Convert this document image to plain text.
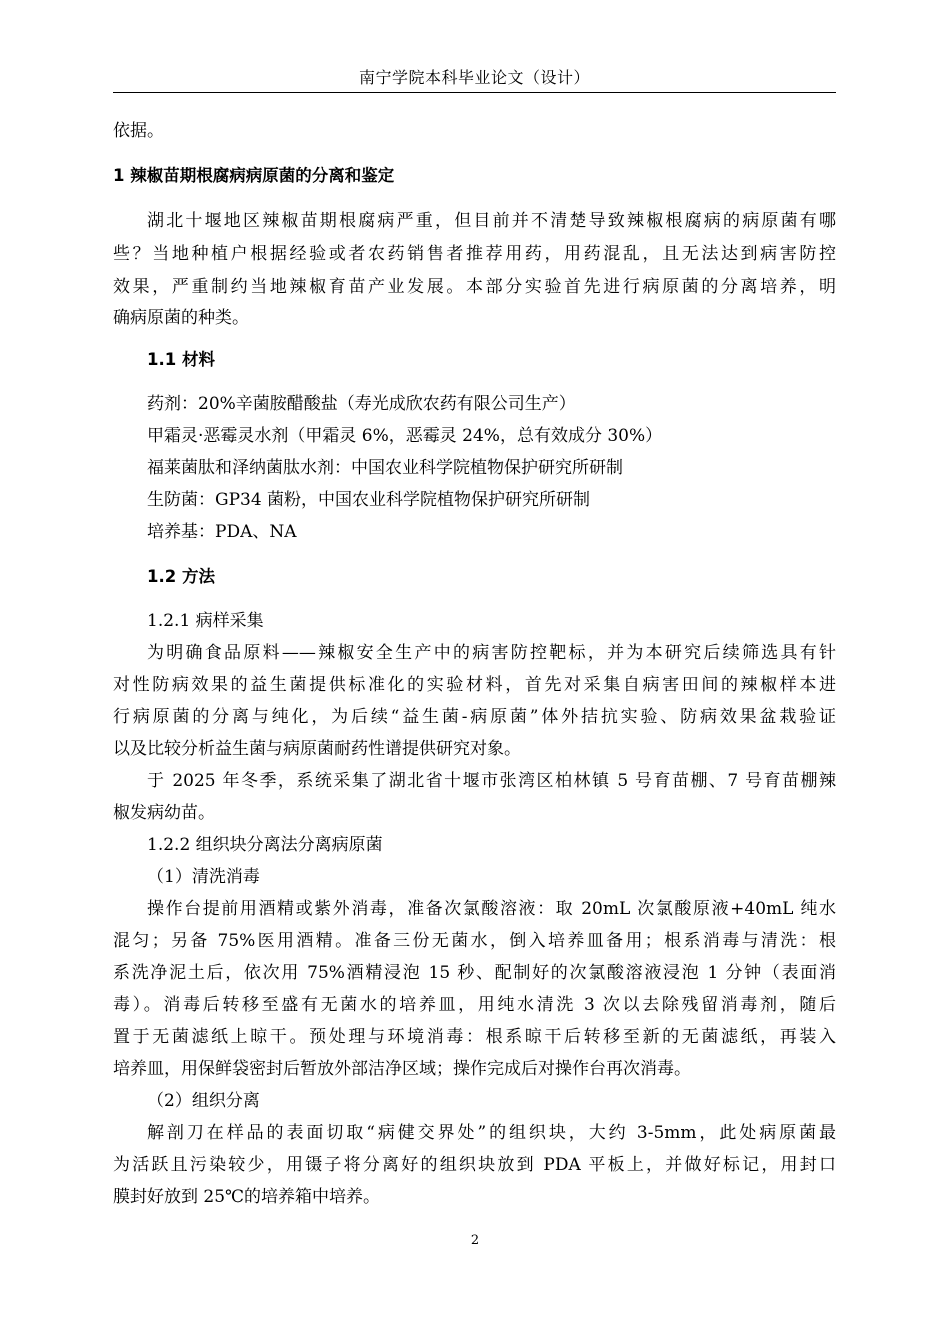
南宁学院本科毕业论文（设计）
依据。
1 辣椒苗期根腐病病原菌的分离和鉴定
湖北十堰地区辣椒苗期根腐病严重，但目前并不清楚导致辣椒根腐病的病原菌有哪
些？当地种植户根据经验或者农药销售者推荐用药，用药混乱，且无法达到病害防控
效果，严重制约当地辣椒育苗产业发展。本部分实验首先进行病原菌的分离培养，明
确病原菌的种类。
1.1 材料
药剂：20%辛菌胺醋酸盐（寿光成欣农药有限公司生产）
甲霜灵·恶霉灵水剂（甲霜灵 6%，恶霉灵 24%，总有效成分 30%）
福莱菌肽和泽纳菌肽水剂：中国农业科学院植物保护研究所研制
生防菌：GP34 菌粉，中国农业科学院植物保护研究所研制
培养基：PDA、NA
1.2 方法
1.2.1 病样采集
为明确食品原料——辣椒安全生产中的病害防控靶标，并为本研究后续筛选具有针
对性防病效果的益生菌提供标准化的实验材料，首先对采集自病害田间的辣椒样本进
行病原菌的分离与纯化，为后续“益生菌-病原菌”体外拮抗实验、防病效果盆栽验证
以及比较分析益生菌与病原菌耐药性谱提供研究对象。
于 2025 年冬季，系统采集了湖北省十堰市张湾区柏林镇 5 号育苗棚、7 号育苗棚辣
椒发病幼苗。
1.2.2 组织块分离法分离病原菌
（1）清洗消毒
操作台提前用酒精或紫外消毒，准备次氯酸溶液：取 20mL 次氯酸原液+40mL 纯水
混匀；另备 75%医用酒精。准备三份无菌水，倒入培养皿备用；根系消毒与清洗：根
系洗净泥土后，依次用 75%酒精浸泡 15 秒、配制好的次氯酸溶液浸泡 1 分钟（表面消
毒）。消毒后转移至盛有无菌水的培养皿，用纯水清洗 3 次以去除残留消毒剂，随后
置于无菌滤纸上晾干。预处理与环境消毒：根系晾干后转移至新的无菌滤纸，再装入
培养皿，用保鲜袋密封后暂放外部洁净区域；操作完成后对操作台再次消毒。
（2）组织分离
解剖刀在样品的表面切取“病健交界处”的组织块，大约 3-5mm，此处病原菌最
为活跃且污染较少，用镊子将分离好的组织块放到 PDA 平板上，并做好标记，用封口
膜封好放到 25℃的培养箱中培养。
2
